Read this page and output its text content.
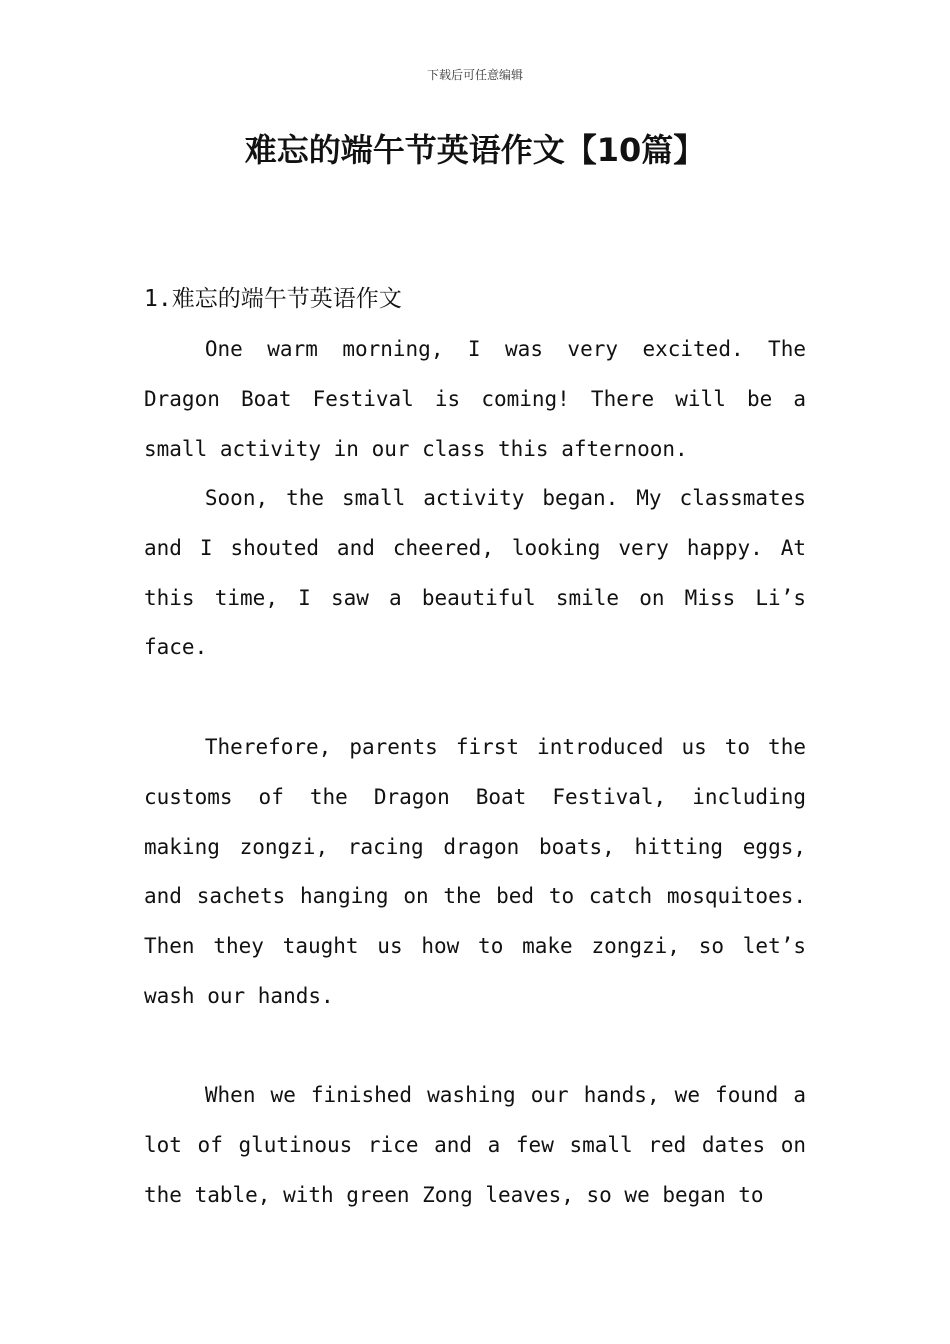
下载后可任意编辑
难忘的端午节英语作文【10篇】
1.难忘的端午节英语作文

One warm morning, I was very excited. The Dragon Boat Festival is coming! There will be a small activity in our class this afternoon.

Soon, the small activity began. My classmates and I shouted and cheered, looking very happy. At this time, I saw a beautiful smile on Miss Li’s face.

Therefore, parents first introduced us to the customs of the Dragon Boat Festival, including making zongzi, racing dragon boats, hitting eggs, and sachets hanging on the bed to catch mosquitoes. Then they taught us how to make zongzi, so let’s wash our hands.

When we finished washing our hands, we found a lot of glutinous rice and a few small red dates on the table, with green Zong leaves, so we began to
